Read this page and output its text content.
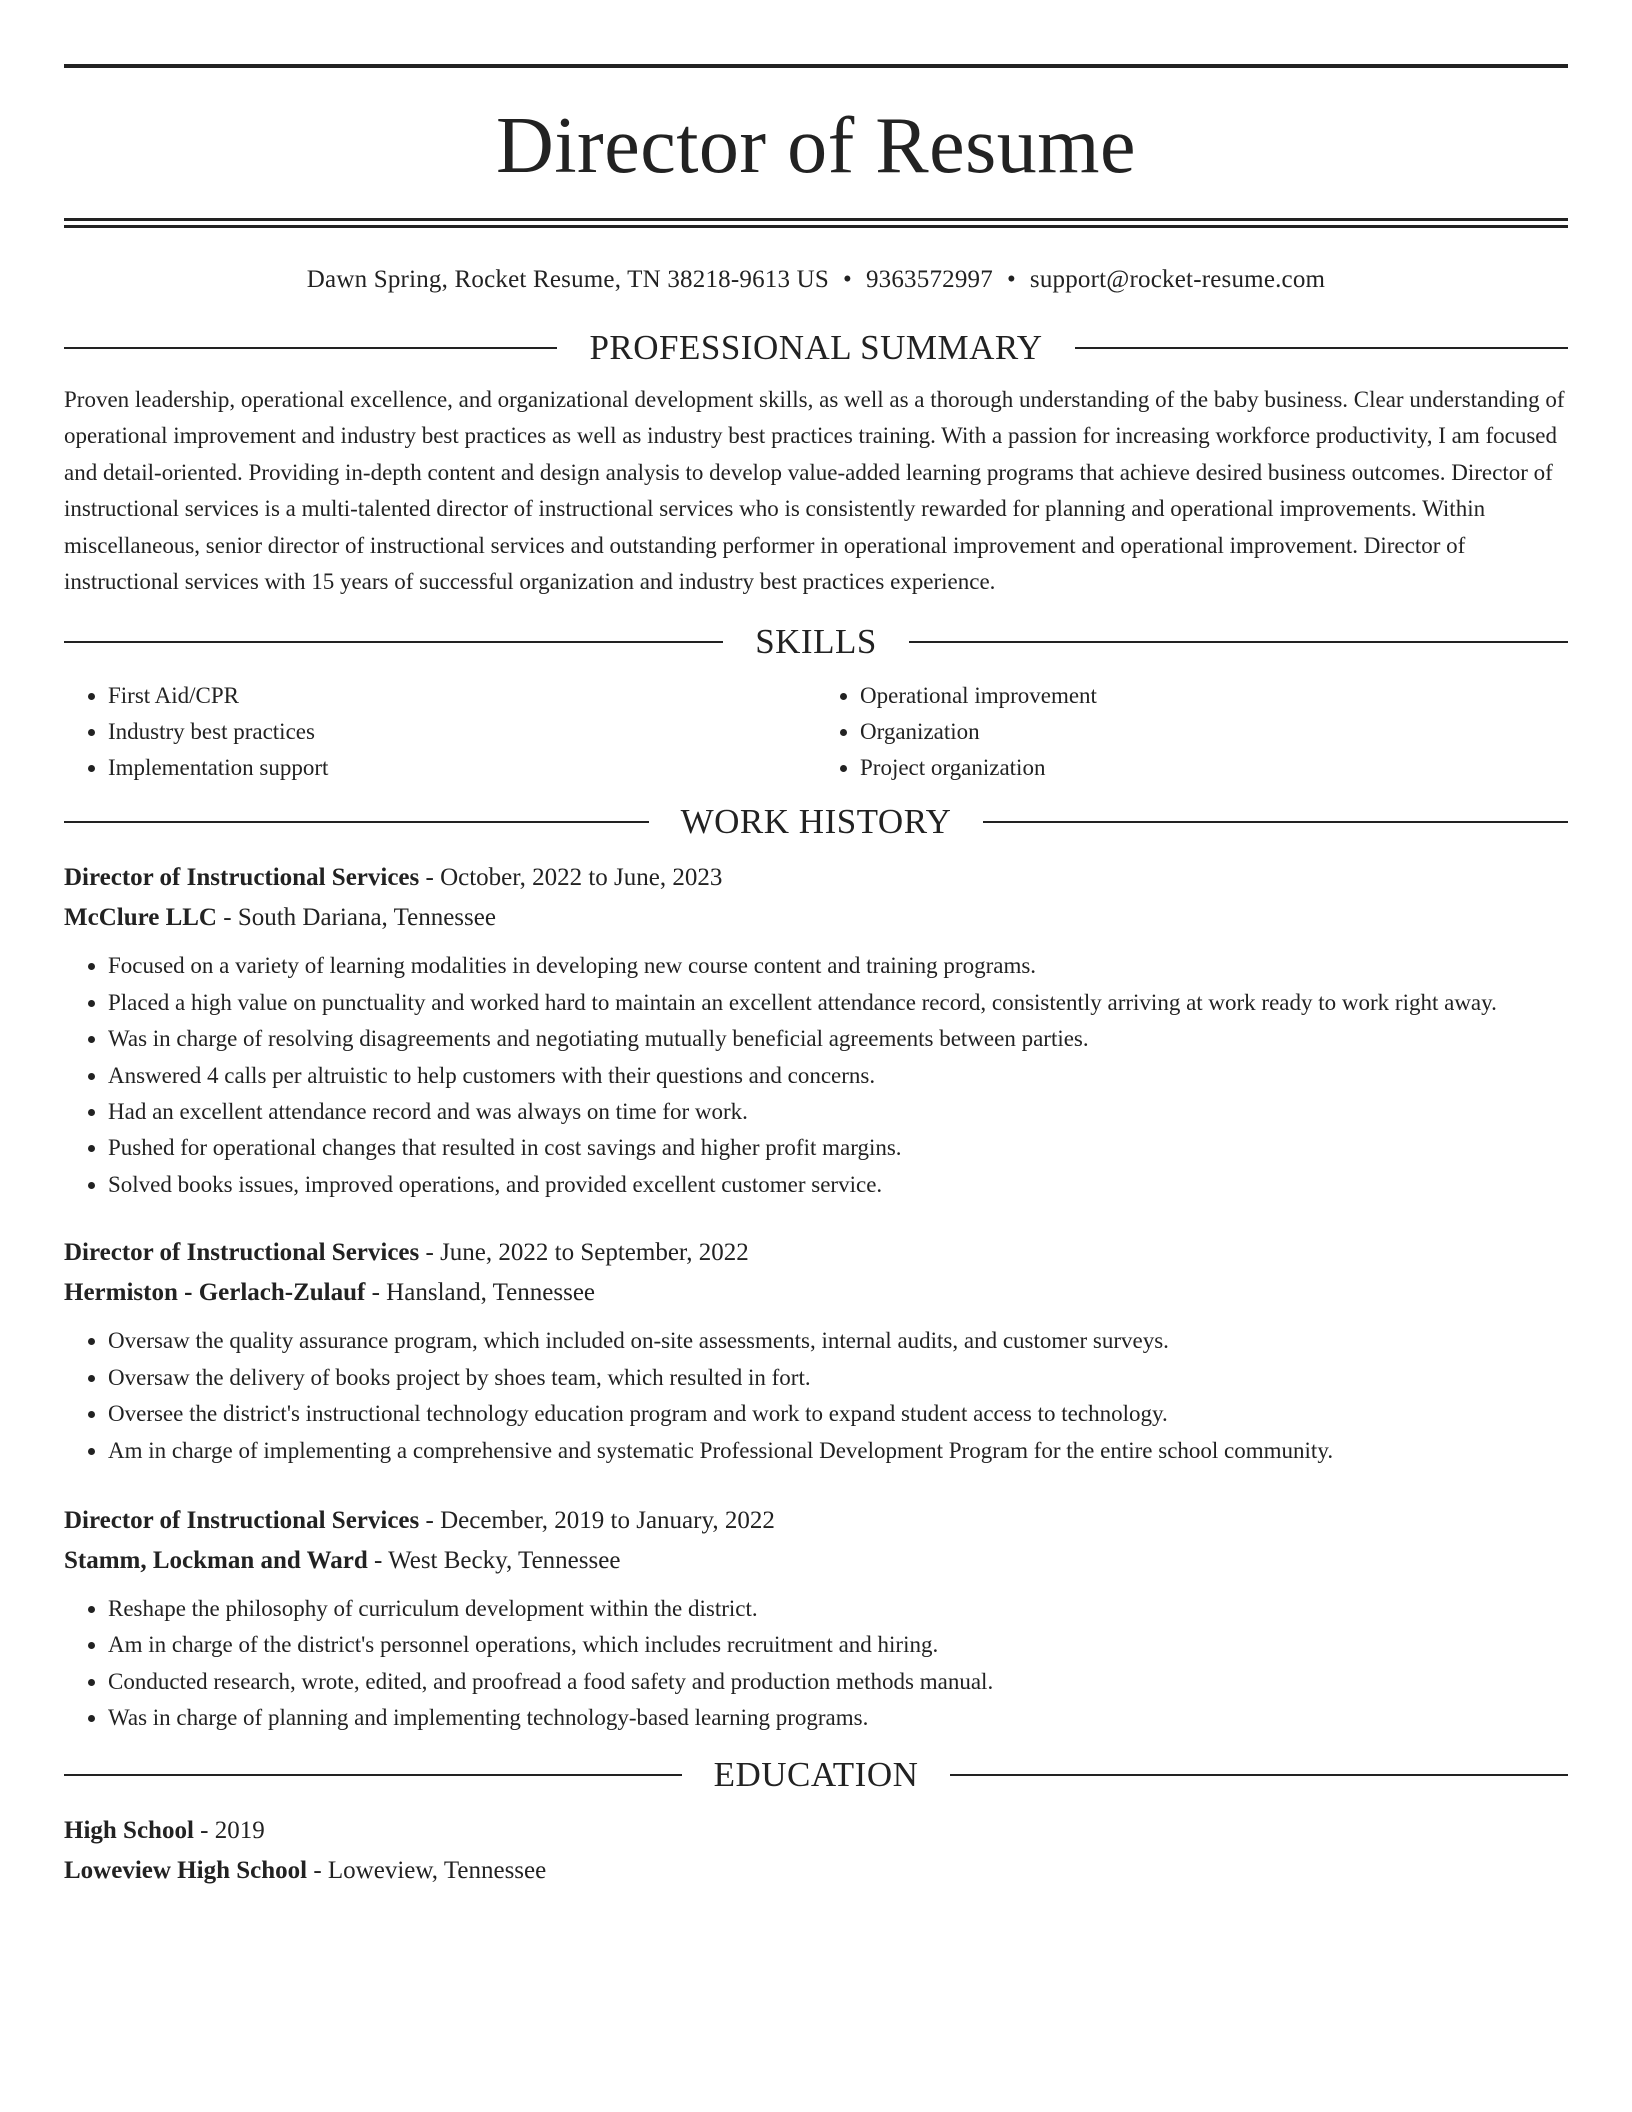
Director of Resume
Dawn Spring, Rocket Resume, TN 38218-9613 US • 9363572997 • support@rocket-resume.com
PROFESSIONAL SUMMARY

Proven leadership, operational excellence, and organizational development skills, as well as a thorough understanding of the baby business. Clear understanding of operational improvement and industry best practices as well as industry best practices training. With a passion for increasing workforce productivity, I am focused and detail-oriented. Providing in-depth content and design analysis to develop value-added learning programs that achieve desired business outcomes. Director of instructional services is a multi-talented director of instructional services who is consistently rewarded for planning and operational improvements. Within miscellaneous, senior director of instructional services and outstanding performer in operational improvement and operational improvement. Director of instructional services with 15 years of successful organization and industry best practices experience.

SKILLS
• First Aid/CPR
• Industry best practices
• Implementation support
• Operational improvement
• Organization
• Project organization
WORK HISTORY
Director of Instructional Services - October, 2022 to June, 2023
McClure LLC - South Dariana, Tennessee
• Focused on a variety of learning modalities in developing new course content and training programs.
• Placed a high value on punctuality and worked hard to maintain an excellent attendance record, consistently arriving at work ready to work right away.
• Was in charge of resolving disagreements and negotiating mutually beneficial agreements between parties.
• Answered 4 calls per altruistic to help customers with their questions and concerns.
• Had an excellent attendance record and was always on time for work.
• Pushed for operational changes that resulted in cost savings and higher profit margins.
• Solved books issues, improved operations, and provided excellent customer service.
Director of Instructional Services - June, 2022 to September, 2022
Hermiston - Gerlach-Zulauf - Hansland, Tennessee
• Oversaw the quality assurance program, which included on-site assessments, internal audits, and customer surveys.
• Oversaw the delivery of books project by shoes team, which resulted in fort.
• Oversee the district's instructional technology education program and work to expand student access to technology.
• Am in charge of implementing a comprehensive and systematic Professional Development Program for the entire school community.
Director of Instructional Services - December, 2019 to January, 2022
Stamm, Lockman and Ward - West Becky, Tennessee
• Reshape the philosophy of curriculum development within the district.
• Am in charge of the district's personnel operations, which includes recruitment and hiring.
• Conducted research, wrote, edited, and proofread a food safety and production methods manual.
• Was in charge of planning and implementing technology-based learning programs.
EDUCATION
High School - 2019
Loweview High School - Loweview, Tennessee
